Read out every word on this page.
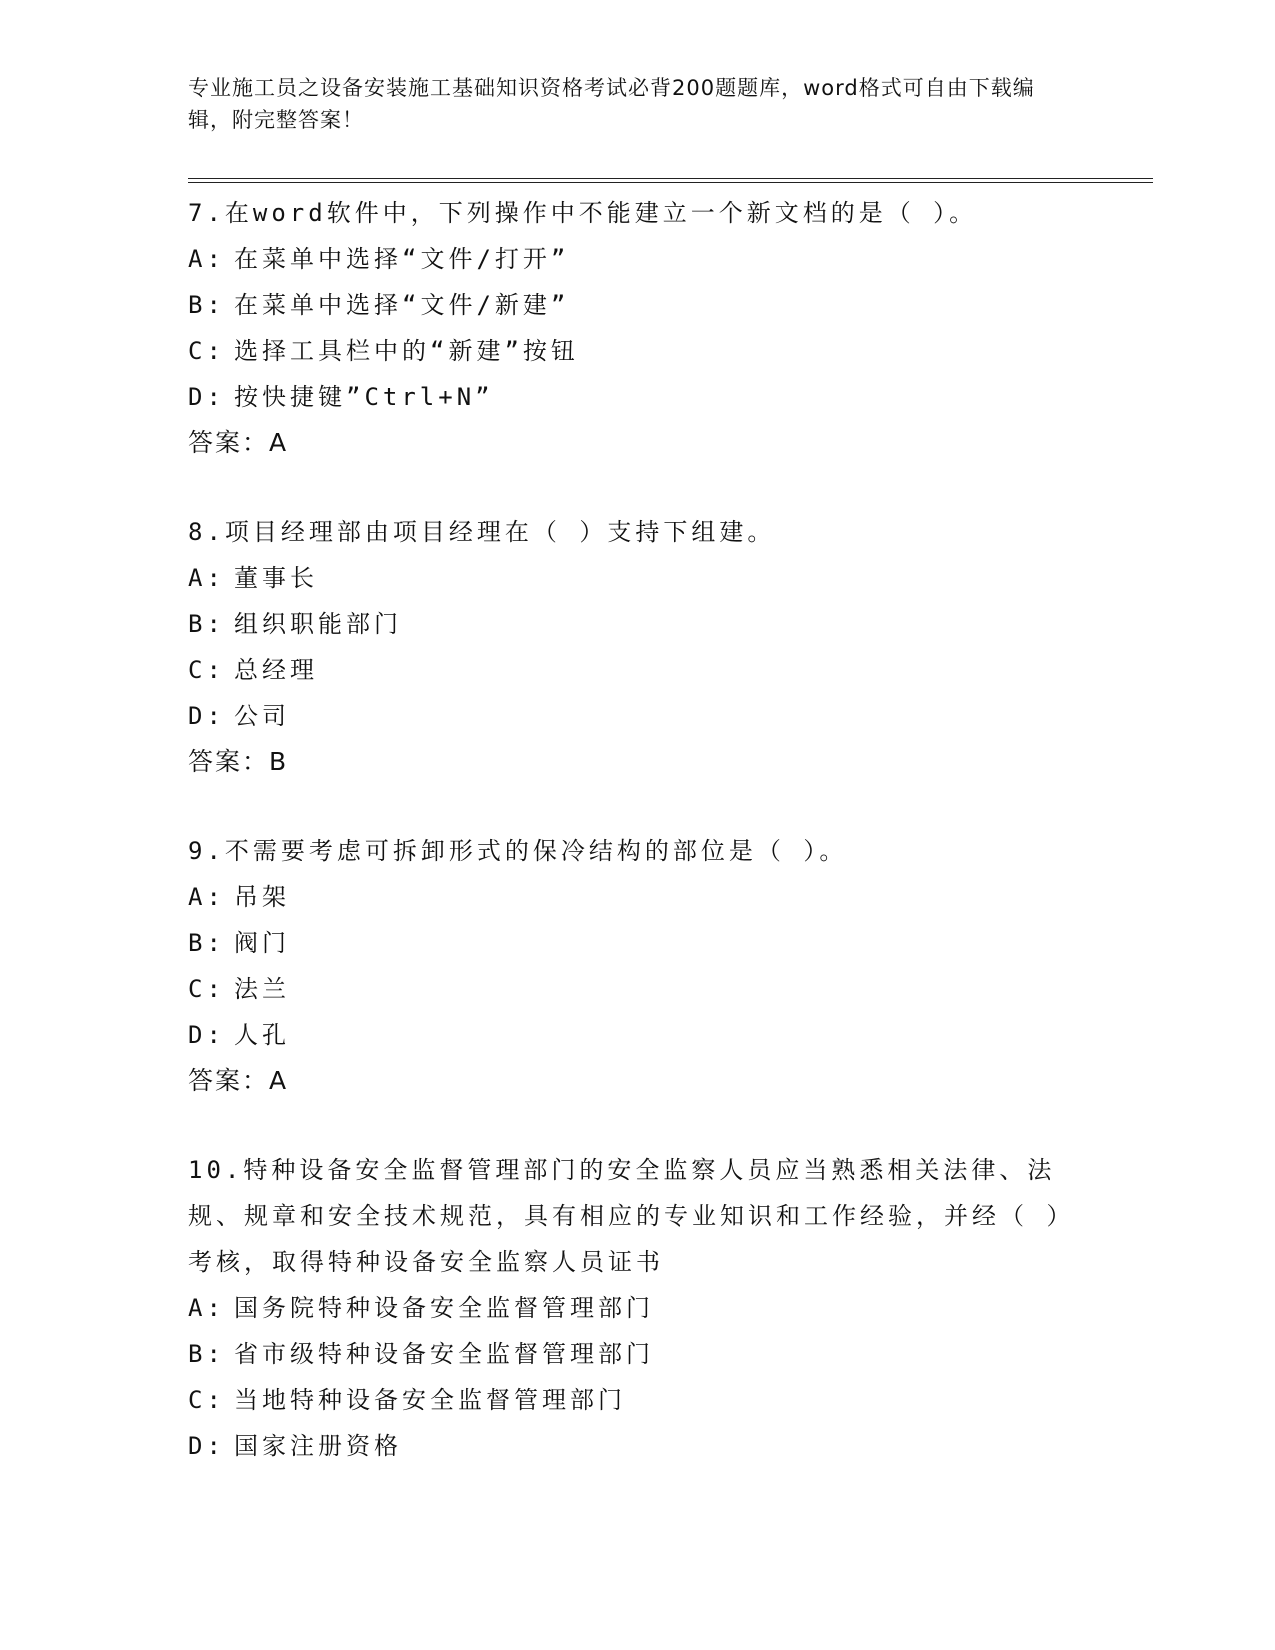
专业施工员之设备安装施工基础知识资格考试必背200题题库，word格式可自由下载编辑，附完整答案！
7.在word软件中，下列操作中不能建立一个新文档的是（ ）。
A: 在菜单中选择“文件/打开”
B: 在菜单中选择“文件/新建”
C: 选择工具栏中的“新建”按钮
D: 按快捷键”Ctrl+N”
答案：A
8.项目经理部由项目经理在（ ）支持下组建。
A: 董事长
B: 组织职能部门
C: 总经理
D: 公司
答案：B
9.不需要考虑可拆卸形式的保冷结构的部位是（ ）。
A: 吊架
B: 阀门
C: 法兰
D: 人孔
答案：A
10.特种设备安全监督管理部门的安全监察人员应当熟悉相关法律、法规、规章和安全技术规范，具有相应的专业知识和工作经验，并经（ ）考核，取得特种设备安全监察人员证书
A: 国务院特种设备安全监督管理部门
B: 省市级特种设备安全监督管理部门
C: 当地特种设备安全监督管理部门
D: 国家注册资格
